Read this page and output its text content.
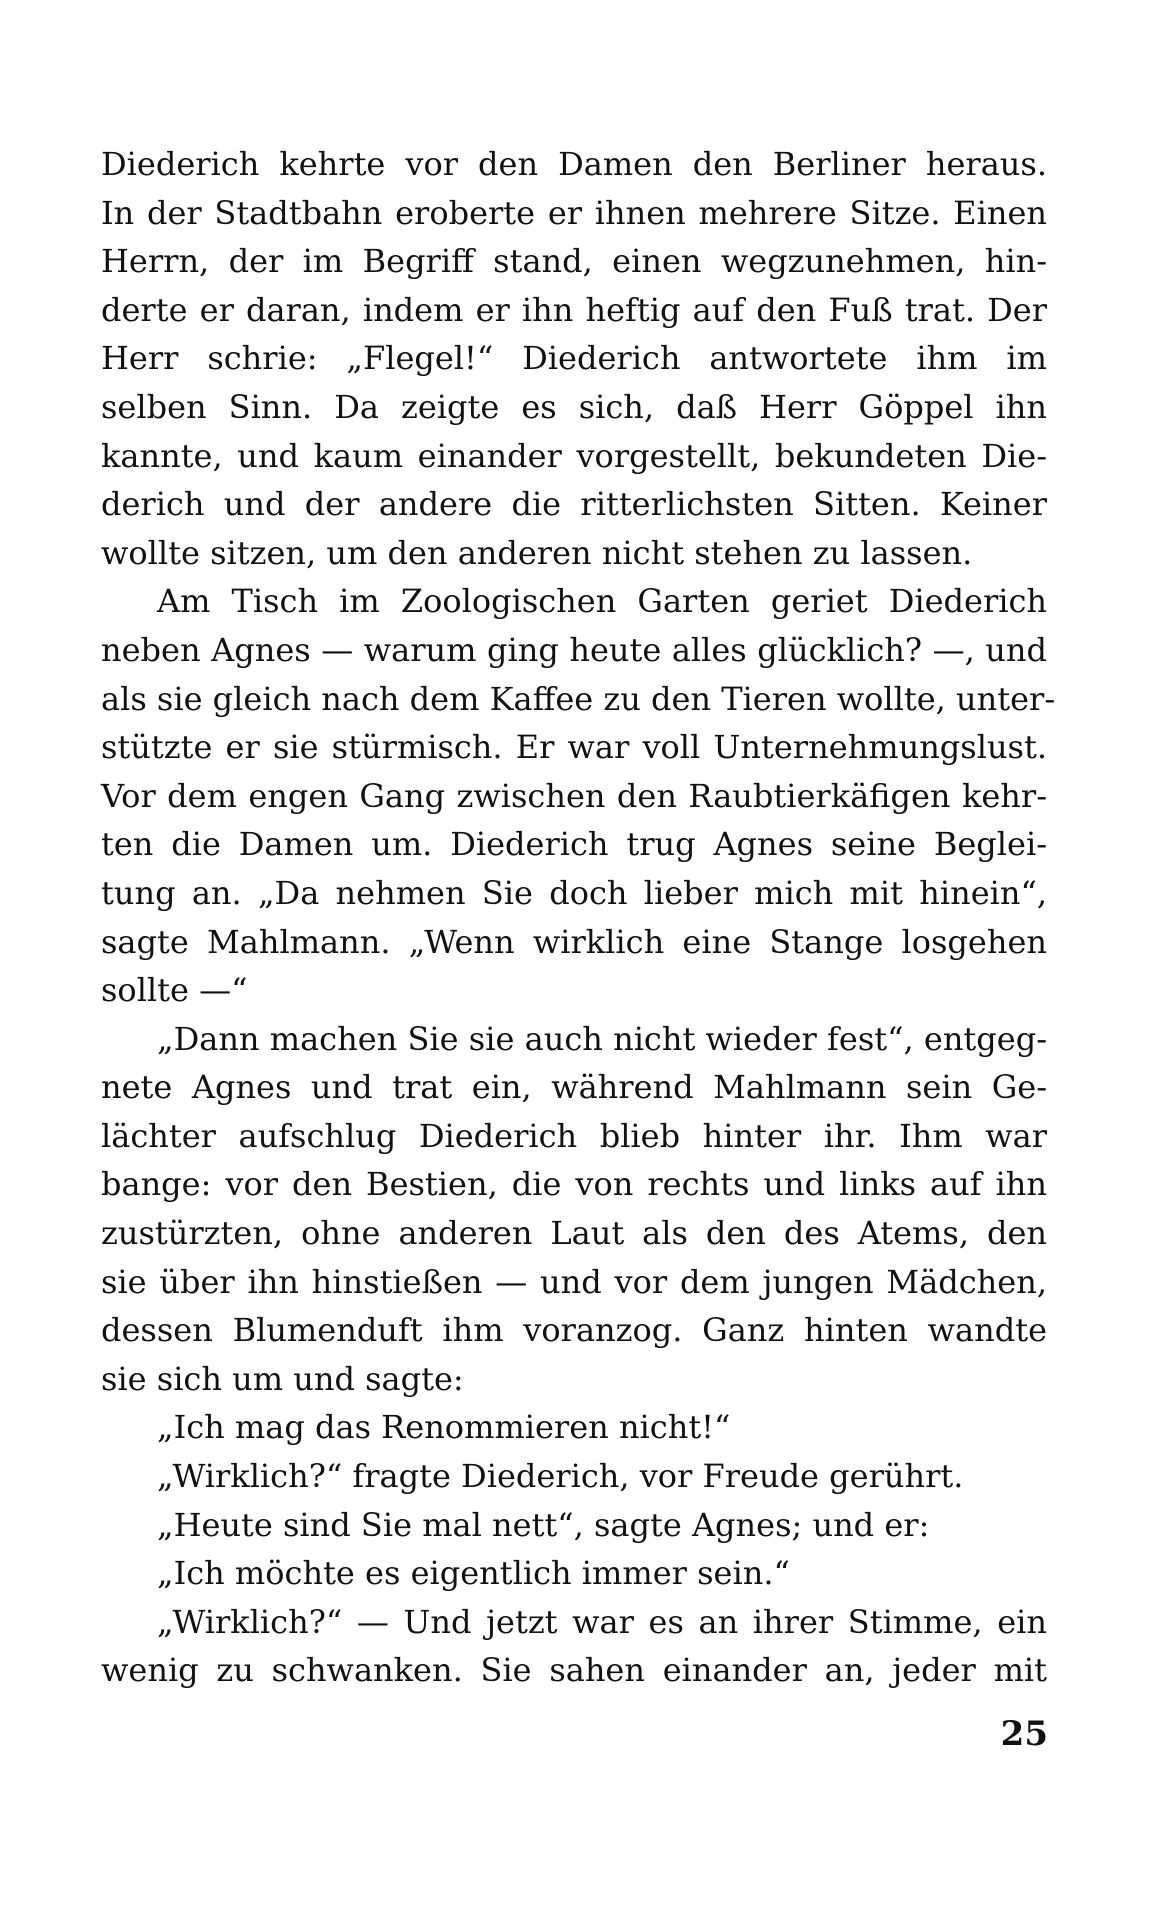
Diederich kehrte vor den Damen den Berliner heraus.
In der Stadtbahn eroberte er ihnen mehrere Sitze. Einen
Herrn, der im Begriff stand, einen wegzunehmen, hin-
derte er daran, indem er ihn heftig auf den Fuß trat. Der
Herr schrie: „Flegel!“ Diederich antwortete ihm im
selben Sinn. Da zeigte es sich, daß Herr Göppel ihn
kannte, und kaum einander vorgestellt, bekundeten Die-
derich und der andere die ritterlichsten Sitten. Keiner
wollte sitzen, um den anderen nicht stehen zu lassen.
Am Tisch im Zoologischen Garten geriet Diederich
neben Agnes — warum ging heute alles glücklich? —, und
als sie gleich nach dem Kaffee zu den Tieren wollte, unter-
stützte er sie stürmisch. Er war voll Unternehmungslust.
Vor dem engen Gang zwischen den Raubtierkäfigen kehr-
ten die Damen um. Diederich trug Agnes seine Beglei-
tung an. „Da nehmen Sie doch lieber mich mit hinein“,
sagte Mahlmann. „Wenn wirklich eine Stange losgehen
sollte —“
„Dann machen Sie sie auch nicht wieder fest“, entgeg-
nete Agnes und trat ein, während Mahlmann sein Ge-
lächter aufschlug Diederich blieb hinter ihr. Ihm war
bange: vor den Bestien, die von rechts und links auf ihn
zustürzten, ohne anderen Laut als den des Atems, den
sie über ihn hinstießen — und vor dem jungen Mädchen,
dessen Blumenduft ihm voranzog. Ganz hinten wandte
sie sich um und sagte:
„Ich mag das Renommieren nicht!“
„Wirklich?“ fragte Diederich, vor Freude gerührt.
„Heute sind Sie mal nett“, sagte Agnes; und er:
„Ich möchte es eigentlich immer sein.“
„Wirklich?“ — Und jetzt war es an ihrer Stimme, ein
wenig zu schwanken. Sie sahen einander an, jeder mit
25
